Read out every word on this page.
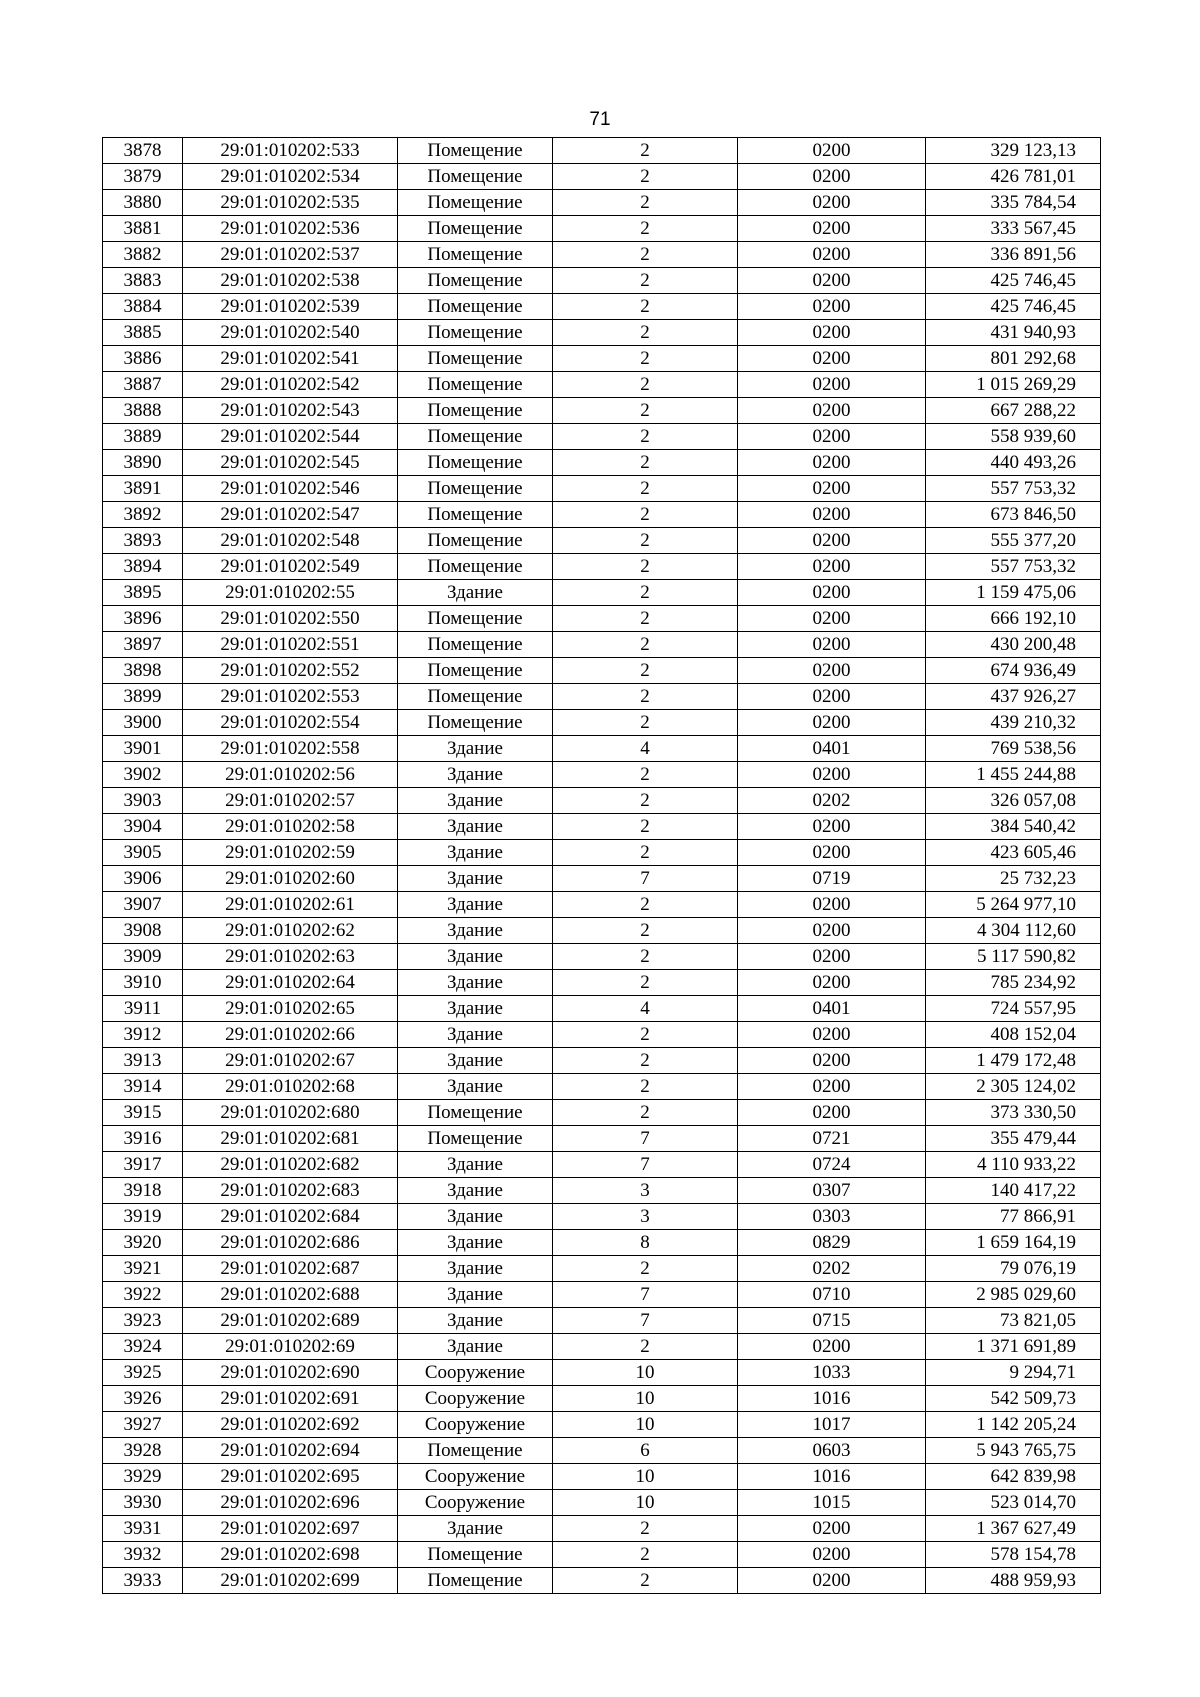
71
3878	29:01:010202:533	Помещение	2	0200	329 123,13
3879	29:01:010202:534	Помещение	2	0200	426 781,01
3880	29:01:010202:535	Помещение	2	0200	335 784,54
3881	29:01:010202:536	Помещение	2	0200	333 567,45
3882	29:01:010202:537	Помещение	2	0200	336 891,56
3883	29:01:010202:538	Помещение	2	0200	425 746,45
3884	29:01:010202:539	Помещение	2	0200	425 746,45
3885	29:01:010202:540	Помещение	2	0200	431 940,93
3886	29:01:010202:541	Помещение	2	0200	801 292,68
3887	29:01:010202:542	Помещение	2	0200	1 015 269,29
3888	29:01:010202:543	Помещение	2	0200	667 288,22
3889	29:01:010202:544	Помещение	2	0200	558 939,60
3890	29:01:010202:545	Помещение	2	0200	440 493,26
3891	29:01:010202:546	Помещение	2	0200	557 753,32
3892	29:01:010202:547	Помещение	2	0200	673 846,50
3893	29:01:010202:548	Помещение	2	0200	555 377,20
3894	29:01:010202:549	Помещение	2	0200	557 753,32
3895	29:01:010202:55	Здание	2	0200	1 159 475,06
3896	29:01:010202:550	Помещение	2	0200	666 192,10
3897	29:01:010202:551	Помещение	2	0200	430 200,48
3898	29:01:010202:552	Помещение	2	0200	674 936,49
3899	29:01:010202:553	Помещение	2	0200	437 926,27
3900	29:01:010202:554	Помещение	2	0200	439 210,32
3901	29:01:010202:558	Здание	4	0401	769 538,56
3902	29:01:010202:56	Здание	2	0200	1 455 244,88
3903	29:01:010202:57	Здание	2	0202	326 057,08
3904	29:01:010202:58	Здание	2	0200	384 540,42
3905	29:01:010202:59	Здание	2	0200	423 605,46
3906	29:01:010202:60	Здание	7	0719	25 732,23
3907	29:01:010202:61	Здание	2	0200	5 264 977,10
3908	29:01:010202:62	Здание	2	0200	4 304 112,60
3909	29:01:010202:63	Здание	2	0200	5 117 590,82
3910	29:01:010202:64	Здание	2	0200	785 234,92
3911	29:01:010202:65	Здание	4	0401	724 557,95
3912	29:01:010202:66	Здание	2	0200	408 152,04
3913	29:01:010202:67	Здание	2	0200	1 479 172,48
3914	29:01:010202:68	Здание	2	0200	2 305 124,02
3915	29:01:010202:680	Помещение	2	0200	373 330,50
3916	29:01:010202:681	Помещение	7	0721	355 479,44
3917	29:01:010202:682	Здание	7	0724	4 110 933,22
3918	29:01:010202:683	Здание	3	0307	140 417,22
3919	29:01:010202:684	Здание	3	0303	77 866,91
3920	29:01:010202:686	Здание	8	0829	1 659 164,19
3921	29:01:010202:687	Здание	2	0202	79 076,19
3922	29:01:010202:688	Здание	7	0710	2 985 029,60
3923	29:01:010202:689	Здание	7	0715	73 821,05
3924	29:01:010202:69	Здание	2	0200	1 371 691,89
3925	29:01:010202:690	Сооружение	10	1033	9 294,71
3926	29:01:010202:691	Сооружение	10	1016	542 509,73
3927	29:01:010202:692	Сооружение	10	1017	1 142 205,24
3928	29:01:010202:694	Помещение	6	0603	5 943 765,75
3929	29:01:010202:695	Сооружение	10	1016	642 839,98
3930	29:01:010202:696	Сооружение	10	1015	523 014,70
3931	29:01:010202:697	Здание	2	0200	1 367 627,49
3932	29:01:010202:698	Помещение	2	0200	578 154,78
3933	29:01:010202:699	Помещение	2	0200	488 959,93
